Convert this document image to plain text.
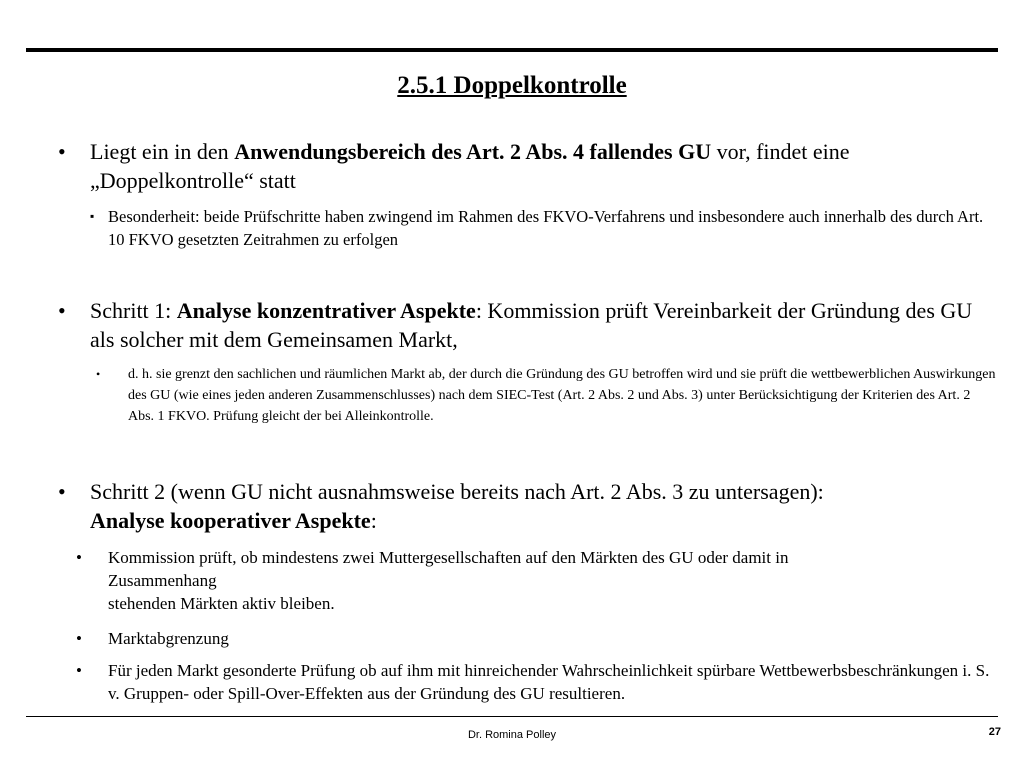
2.5.1 Doppelkontrolle
• Liegt ein in den Anwendungsbereich des Art. 2 Abs. 4 fallendes GU vor, findet eine „Doppelkontrolle“ statt
▪ Besonderheit: beide Prüfschritte haben zwingend im Rahmen des FKVO-Verfahrens und insbesondere auch innerhalb des durch Art. 10 FKVO gesetzten Zeitrahmen zu erfolgen
• Schritt 1: Analyse konzentrativer Aspekte: Kommission prüft Vereinbarkeit der Gründung des GU als solcher mit dem Gemeinsamen Markt,
• d. h. sie grenzt den sachlichen und räumlichen Markt ab, der durch die Gründung des GU betroffen wird und sie prüft die wettbewerblichen Auswirkungen des GU (wie eines jeden anderen Zusammenschlusses) nach dem SIEC-Test (Art. 2 Abs. 2 und Abs. 3) unter Berücksichtigung der Kriterien des Art. 2 Abs. 1 FKVO. Prüfung gleicht der bei Alleinkontrolle.
• Schritt 2 (wenn GU nicht ausnahmsweise bereits nach Art. 2 Abs. 3 zu untersagen):
Analyse kooperativer Aspekte:
• Kommission prüft, ob mindestens zwei Muttergesellschaften auf den Märkten des GU oder damit in
Zusammenhang
stehenden Märkten aktiv bleiben.
• Marktabgrenzung
• Für jeden Markt gesonderte Prüfung ob auf ihm mit hinreichender Wahrscheinlichkeit spürbare Wettbewerbsbeschränkungen i. S. v. Gruppen- oder Spill-Over-Effekten aus der Gründung des GU resultieren.
Dr. Romina Polley	27
